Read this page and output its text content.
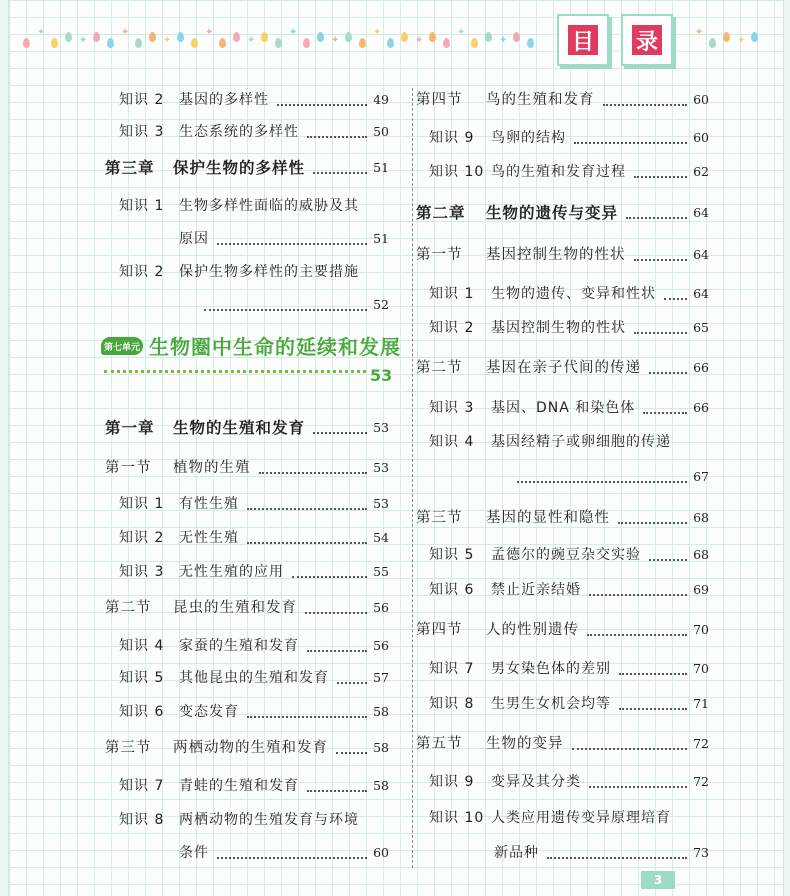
✦
✦
✦
✦
✦
✦
✦
✦
✦
✦
✦
✦
✦
✦
目 录
第七单元 生物圈中生命的延续和发展
53
知识 2 基因的多样性	49
知识 3 生态系统的多样性	50
第三章 保护生物的多样性	51
知识 1 生物多样性面临的威胁及其
原因	51
知识 2 保护生物多样性的主要措施
52
第一章 生物的生殖和发育	53
第一节 植物的生殖	53
知识 1 有性生殖	53
知识 2 无性生殖	54
知识 3 无性生殖的应用	55
第二节 昆虫的生殖和发育	56
知识 4 家蚕的生殖和发育	56
知识 5 其他昆虫的生殖和发育	57
知识 6 变态发育	58
第三节 两栖动物的生殖和发育	58
知识 7 青蛙的生殖和发育	58
知识 8 两栖动物的生殖发育与环境
条件	60
第四节 鸟的生殖和发育	60
知识 9 鸟卵的结构	60
知识 10 鸟的生殖和发育过程	62
第二章 生物的遗传与变异	64
第一节 基因控制生物的性状	64
知识 1 生物的遗传、变异和性状	64
知识 2 基因控制生物的性状	65
第二节 基因在亲子代间的传递	66
知识 3 基因、DNA 和染色体	66
知识 4 基因经精子或卵细胞的传递
67
第三节 基因的显性和隐性	68
知识 5 孟德尔的豌豆杂交实验	68
知识 6 禁止近亲结婚	69
第四节 人的性别遗传	70
知识 7 男女染色体的差别	70
知识 8 生男生女机会均等	71
第五节 生物的变异	72
知识 9 变异及其分类	72
知识 10 人类应用遗传变异原理培育
新品种	73
3
